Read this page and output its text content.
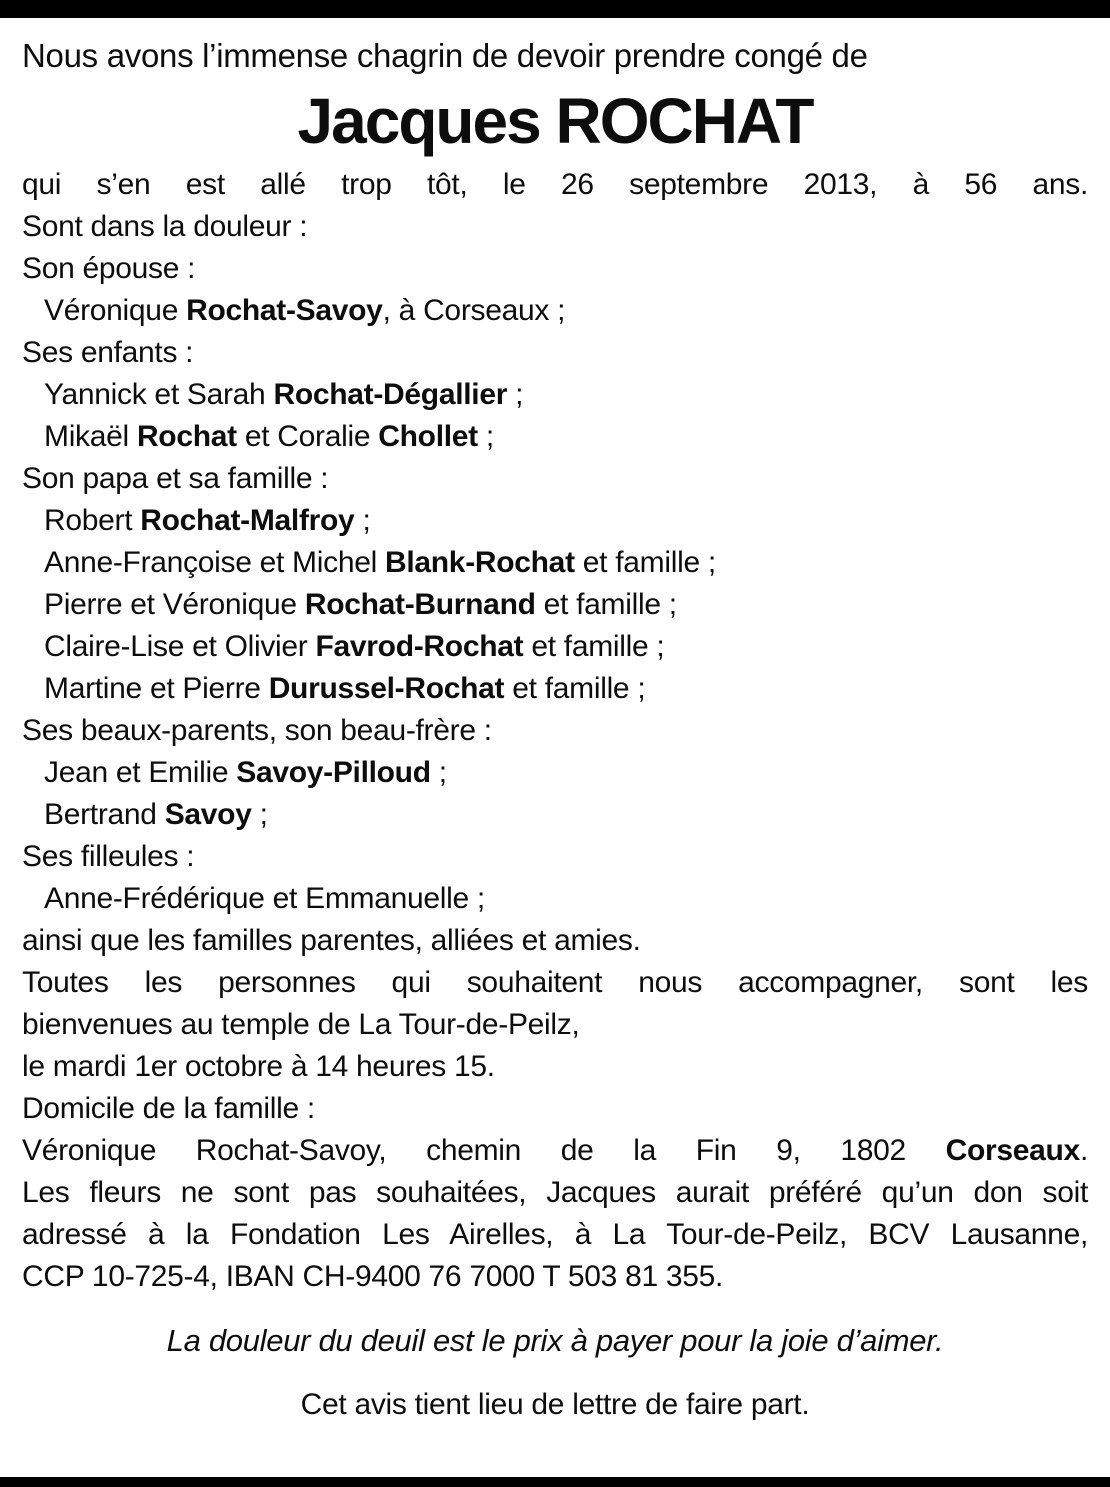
Nous avons l’immense chagrin de devoir prendre congé de
Jacques ROCHAT
qui s’en est allé trop tôt, le 26 septembre 2013, à 56 ans.
Sont dans la douleur :
Son épouse :
Véronique Rochat-Savoy, à Corseaux ;
Ses enfants :
Yannick et Sarah Rochat-Dégallier ;
Mikaël Rochat et Coralie Chollet ;
Son papa et sa famille :
Robert Rochat-Malfroy ;
Anne-Françoise et Michel Blank-Rochat et famille ;
Pierre et Véronique Rochat-Burnand et famille ;
Claire-Lise et Olivier Favrod-Rochat et famille ;
Martine et Pierre Durussel-Rochat et famille ;
Ses beaux-parents, son beau-frère :
Jean et Emilie Savoy-Pilloud ;
Bertrand Savoy ;
Ses filleules :
Anne-Frédérique et Emmanuelle ;
ainsi que les familles parentes, alliées et amies.
Toutes les personnes qui souhaitent nous accompagner, sont les
bienvenues au temple de La Tour-de-Peilz,
le mardi 1er octobre à 14 heures 15.
Domicile de la famille :
Véronique Rochat-Savoy, chemin de la Fin 9, 1802 Corseaux.
Les fleurs ne sont pas souhaitées, Jacques aurait préféré qu’un don soit
adressé à la Fondation Les Airelles, à La Tour-de-Peilz, BCV Lausanne,
CCP 10-725-4, IBAN CH-9400 76 7000 T 503 81 355.
La douleur du deuil est le prix à payer pour la joie d’aimer.
Cet avis tient lieu de lettre de faire part.
